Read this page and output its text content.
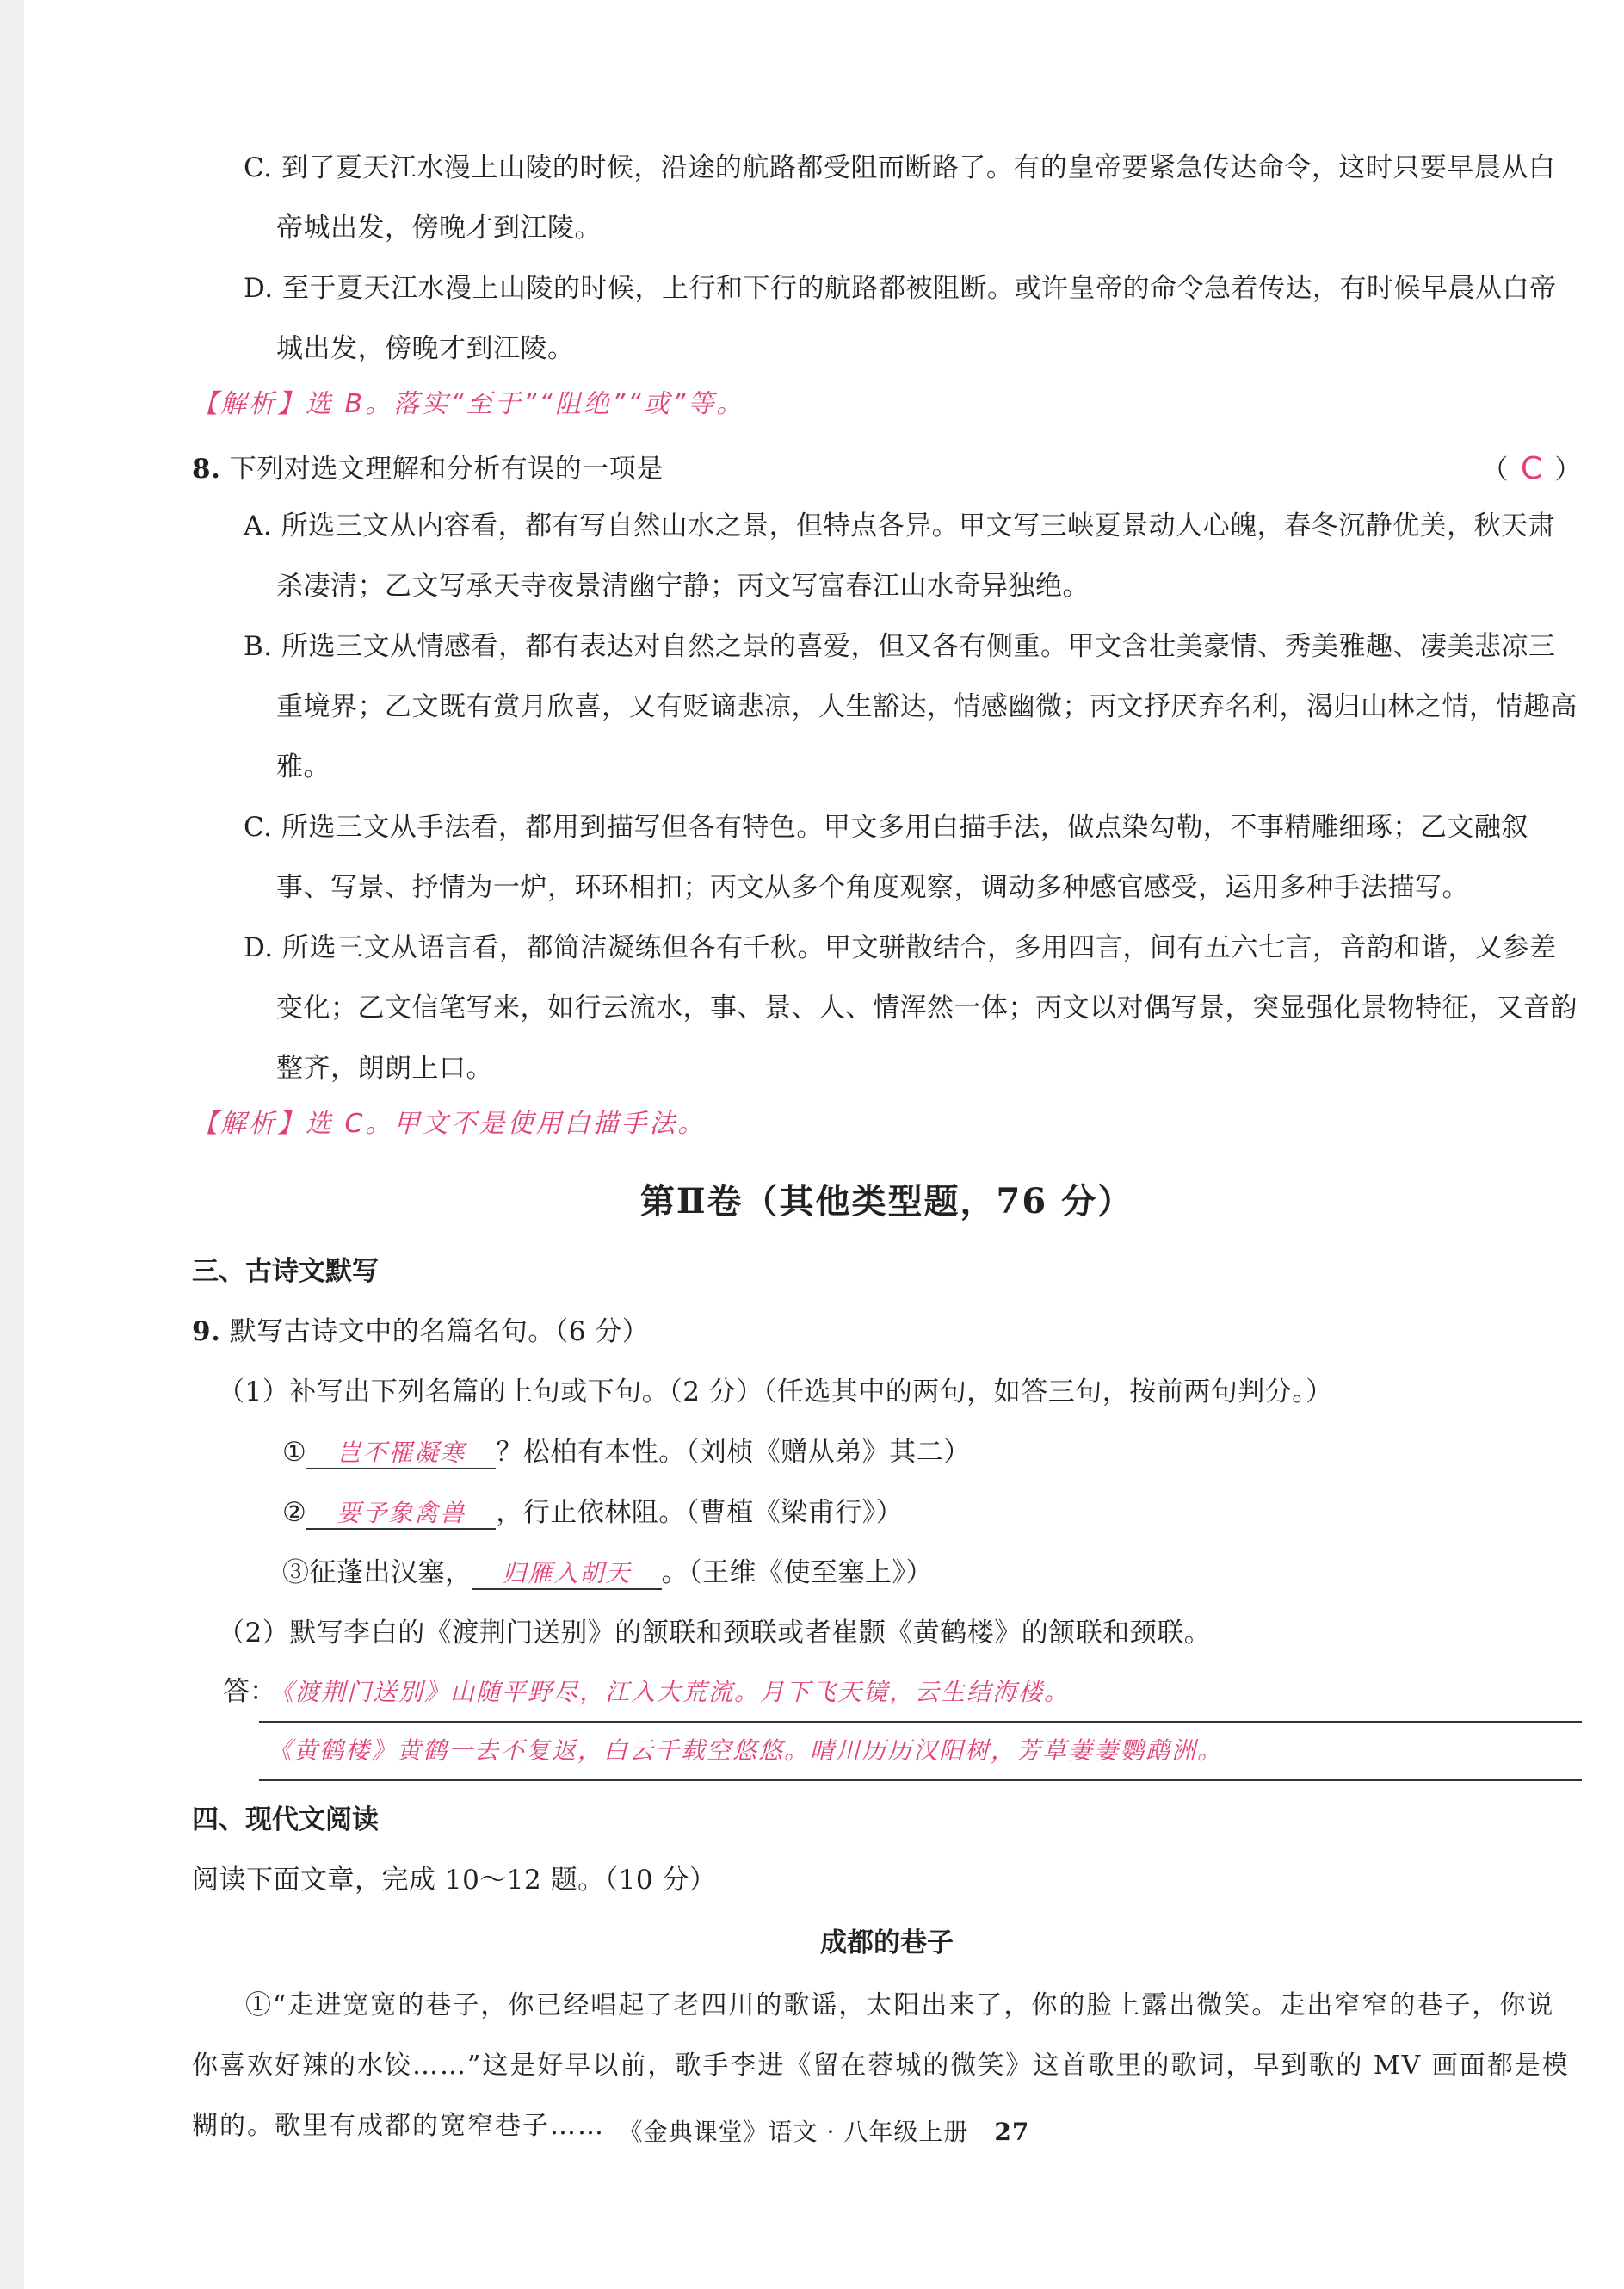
C. 到了夏天江水漫上山陵的时候，沿途的航路都受阻而断路了。有的皇帝要紧急传达命令，这时只要早晨从白帝城出发，傍晚才到江陵。
D. 至于夏天江水漫上山陵的时候，上行和下行的航路都被阻断。或许皇帝的命令急着传达，有时候早晨从白帝城出发，傍晚才到江陵。
【解析】选 B。落实“至于”“阻绝”“或”等。
8. 下列对选文理解和分析有误的一项是	（ C ）
A. 所选三文从内容看，都有写自然山水之景，但特点各异。甲文写三峡夏景动人心魄，春冬沉静优美，秋天肃杀凄清；乙文写承天寺夜景清幽宁静；丙文写富春江山水奇异独绝。
B. 所选三文从情感看，都有表达对自然之景的喜爱，但又各有侧重。甲文含壮美豪情、秀美雅趣、凄美悲凉三重境界；乙文既有赏月欣喜，又有贬谪悲凉，人生豁达，情感幽微；丙文抒厌弃名利，渴归山林之情，情趣高雅。
C. 所选三文从手法看，都用到描写但各有特色。甲文多用白描手法，做点染勾勒，不事精雕细琢；乙文融叙事、写景、抒情为一炉，环环相扣；丙文从多个角度观察，调动多种感官感受，运用多种手法描写。
D. 所选三文从语言看，都简洁凝练但各有千秋。甲文骈散结合，多用四言，间有五六七言，音韵和谐，又参差变化；乙文信笔写来，如行云流水，事、景、人、情浑然一体；丙文以对偶写景，突显强化景物特征，又音韵整齐，朗朗上口。
【解析】选 C。甲文不是使用白描手法。
第Ⅱ卷（其他类型题，76 分）
三、古诗文默写
9. 默写古诗文中的名篇名句。（6 分）
（1）补写出下列名篇的上句或下句。（2 分）（任选其中的两句，如答三句，按前两句判分。）
① 岂不罹凝寒 ？松柏有本性。（刘桢《赠从弟》其二）
② 要予象禽兽 ，行止依林阻。（曹植《梁甫行》）
③征蓬出汉塞， 归雁入胡天 。（王维《使至塞上》）
（2）默写李白的《渡荆门送别》的颔联和颈联或者崔颢《黄鹤楼》的颔联和颈联。
答： 《渡荆门送别》山随平野尽，江入大荒流。月下飞天镜，云生结海楼。
《黄鹤楼》黄鹤一去不复返，白云千载空悠悠。晴川历历汉阳树，芳草萋萋鹦鹉洲。
四、现代文阅读
阅读下面文章，完成 10～12 题。（10 分）
成都的巷子
①“走进宽宽的巷子，你已经唱起了老四川的歌谣，太阳出来了，你的脸上露出微笑。走出窄窄的巷子，你说你喜欢好辣的水饺……”这是好早以前，歌手李进《留在蓉城的微笑》这首歌里的歌词，早到歌的 MV 画面都是模糊的。歌里有成都的宽窄巷子…… 《金典课堂》语文 · 八年级上册 27
